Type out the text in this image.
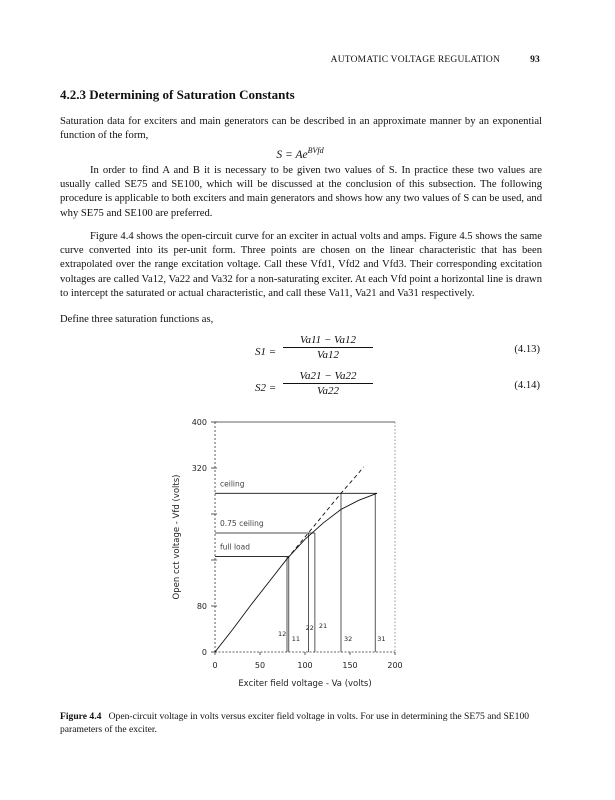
AUTOMATIC VOLTAGE REGULATION	93
4.2.3 Determining of Saturation Constants

Saturation data for exciters and main generators can be described in an approximate manner by an exponential function of the form,

$S = Ae^{BVfd}$

In order to find A and B it is necessary to be given two values of S. In practice these two values are usually called SE75 and SE100, which will be discussed at the conclusion of this subsection. The following procedure is applicable to both exciters and main generators and shows how any two values of S can be used, and why SE75 and SE100 are preferred.

Figure 4.4 shows the open-circuit curve for an exciter in actual volts and amps. Figure 4.5 shows the same curve converted into its per-unit form. Three points are chosen on the linear characteristic that has been extrapolated over the range excitation voltage. Call these Vfd1, Vfd2 and Vfd3. Their corresponding excitation voltages are called Va12, Va22 and Va32 for a non-saturating exciter. At each Vfd point a horizontal line is drawn to intercept the saturated or actual characteristic, and call these Va11, Va21 and Va31 respectively.

Define three saturation functions as,

$S1 = \frac{Va11 - Va12}{Va12}$	(4.13)
$S2 = \frac{Va21 - Va22}{Va22}$	(4.14)
0
80
320
400
0	50	100	150	200
Exciter field voltage - Va (volts)
Open cct voltage - Vfd (volts)	ceiling
0.75 ceiling
full load
12
11
22 21
32	31
Figure 4.4 Open-circuit voltage in volts versus exciter field voltage in volts. For use in determining the SE75 and SE100 parameters of the exciter.
